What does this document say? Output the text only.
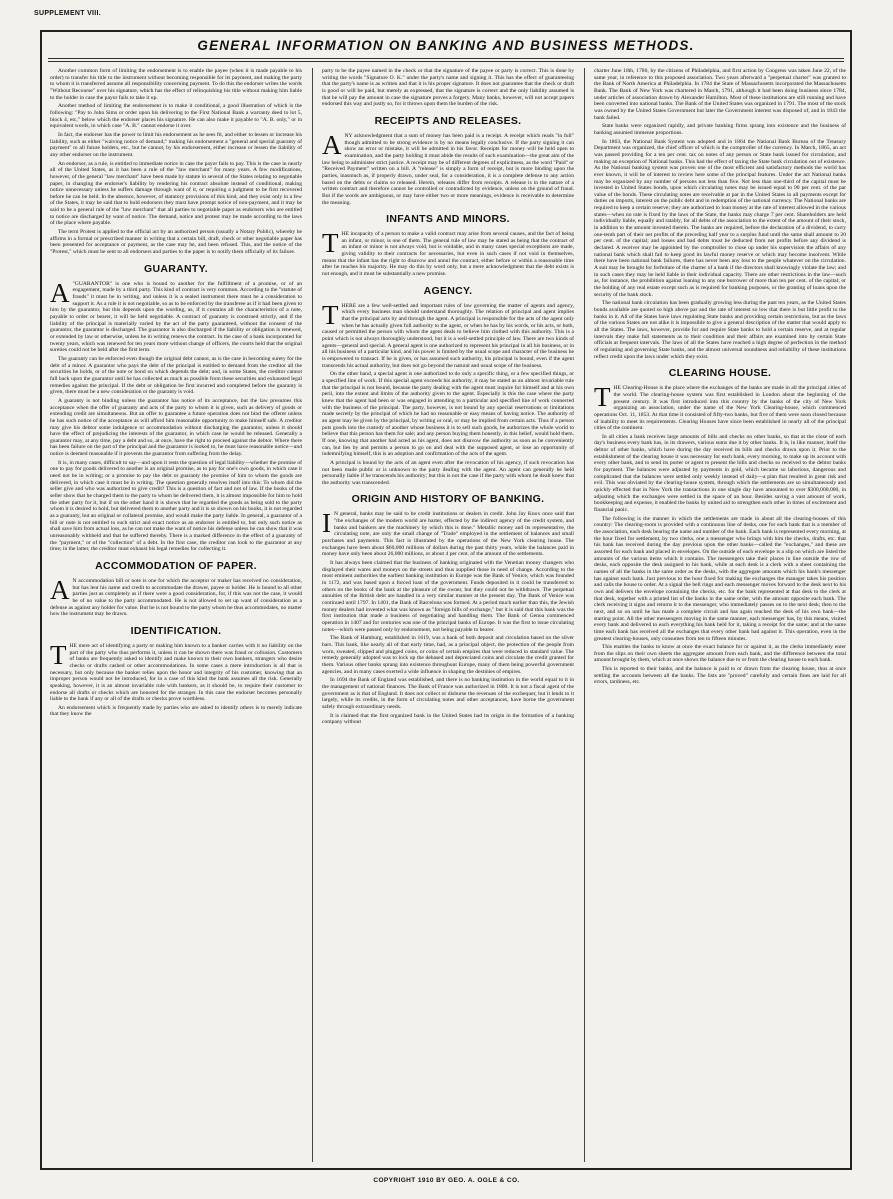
SUPPLEMENT VIII.
GENERAL INFORMATION ON BANKING AND BUSINESS METHODS.

Another common form of limiting the endorsement is to enable the payee (when it is made payable to his order) to transfer his title to the instrument without becoming responsible for its payment, and making the party to whom it is transferred assume all responsibility concerning payment. To do this the endorser writes the words "Without Recourse" over his signature, which has the effect of relinquishing his title without making him liable to the holder in case the payor fails to take it up.

Another method of limiting the endorsement is to make it conditional, a good illustration of which is the following: "Pay to John Sims or order upon his delivering to the First National Bank a warranty deed to lot 5, block 4, etc," below which the endorser places his signature. He can also make it payable to "A. B. only," or in equivalent words, in which case "A. B." cannot endorse it over.

In fact, the endorser has the power to limit his endorsement as he sees fit, and either to lessen or increase his liability, such as either "waiving notice of demand;" making his endorsement a "general and special guaranty of payment" to all future holders, etc., but he cannot, by his endorsement, either increase or lessen the liability of any other endorser on the instrument.

An endorser, as a rule, is entitled to immediate notice in case the payor fails to pay. This is the case in nearly all of the United States, as it has been a rule of the "law merchant" for many years. A few modifications, however, of the general "law merchant" have been made by statute in several of the States relating to negotiable paper, in changing the endorser's liability by rendering his contract absolute instead of conditional, making notice unnecessary unless he suffers damage through want of it, or requiring a judgment to be first recovered before he can be held. In the absence, however, of statutory provisions of this kind, and they exist only in a few of the States, it may be said that to hold endorsers they must have prompt notice of non-payment, and it may be said to be a general rule of the "law merchant" that all parties to negotiable paper as endorsers who are entitled to notice are discharged by want of notice. The demand, notice and protest may be made according to the laws of the place where payable.

The term Protest is applied to the official act by an authorized person (usually a Notary Public), whereby he affirms in a formal or prescribed manner in writing that a certain bill, draft, check or other negotiable paper has been presented for acceptance or payment, as the case may be, and been refused. This, and the notice of the "Protest," which must be sent to all endorsers and parties to the paper is to notify them officially of its failure.

GUARANTY.

A "GUARANTOR" is one who is bound to another for the fulfillment of a promise, or of an engagement, made by a third party. This kind of contract is very common. According to the "statute of frauds" it must be in writing, and unless it is a sealed instrument there must be a consideration to support it. As a rule it is not negotiable, so as to be enforced by the transferee as if it had been given to him by the guarantor, but this depends upon the wording, as, if it contains all the characteristics of a note, payable to order or bearer, it will be held negotiable. A contract of guaranty is construed strictly, and if the liability of the principal is materially varied by the act of the party guaranteed, without the consent of the guarantor, the guarantor is discharged. The guarantor is also discharged if the liability or obligation is renewed, or extended by law or otherwise, unless he in writing renews the contract. In the case of a bank incorporated for twenty years, which was renewed for ten years more without change of officers, the courts held that the original sureties could not be held after the first term.

The guaranty can be enforced even though the original debt cannot, as is the case in becoming surety for the debt of a minor. A guarantor who pays the debt of the principal is entitled to demand from the creditor all the securities he holds, or of the note or bond on which depends the debt; and, in some States, the creditor cannot fall back upon the guarantor until he has collected as much as possible from these securities and exhausted legal remedies against the principal. If the debt or obligation be first incurred and completed before the guaranty is given, there must be a new consideration or the guaranty is void.

A guaranty is not binding unless the guarantor has notice of its acceptance, but the law presumes this acceptance when the offer of guaranty and acts of the party to whom it is given, such as delivery of goods or extending credit are simultaneous. But an offer to guarantee a future operation does not bind the offerer unless he has such notice of the acceptance as will afford him reasonable opportunity to make himself safe. A creditor may give his debtor some indulgence or accommodation without discharging the guarantor, unless it should have the effect of prejudicing the interests of the guarantor, in which case he would be released. Generally a guarantor may, at any time, pay a debt and so, at once, have the right to proceed against the debtor. Where there has been failure on the part of the principal and the guarantor is looked to, he must have reasonable notice—and notice is deemed reasonable if it prevents the guarantor from suffering from the delay.

It is, in many cases, difficult to say—and upon it rests the question of legal liability—whether the promise of one to pay for goods delivered to another is an original promise, as to pay for one's own goods, in which case it need not be in writing; or a promise to pay the debt or guaranty the promise of him to whom the goods are delivered, in which case it must be in writing. The question generally resolves itself into this: To whom did the seller give and who was authorized to give credit? This is a question of fact and not of law. If the books of the seller show that he charged them to the party to whom he delivered them, it is almost impossible for him to hold the other party for it, but if on the other hand it is shown that he regarded the goods as being sold to the party whom it is desired to hold, but delivered them to another party and it is so shown on his books, it is not regarded as a guaranty, but an original or collateral promise, and would make the party liable. In general, a guarantor of a bill or note is not entitled to such strict and exact notice as an endorser is entitled to, but only such notice as shall save him from actual loss, as he can not make the want of notice his defense unless he can show that it was unreasonably withheld and that he suffered thereby. There is a marked difference in the effect of a guaranty of the "payment," or of the "collection" of a debt. In the first case, the creditor can look to the guarantor at any time; in the latter, the creditor must exhaust his legal remedies for collecting it.

ACCOMMODATION OF PAPER.

A N accommodation bill or note is one for which the acceptor or maker has received no consideration, but has lent his name and credit to accommodate the drawer, payee or holder. He is bound to all other parties just as completely as if there were a good consideration, for, if this was not the case, it would be of no value to the party accommodated. He is not allowed to set up want of consideration as a defense as against any holder for value. But he is not bound to the party whom he thus accommodates, no matter how the instrument may be drawn.

IDENTIFICATION.

THE mere act of identifying a party or making him known to a banker carries with it no liability on the part of the party who thus performs it, unless it can be shown there was fraud or collusion. Customers of banks are frequently asked to identify and make known to their own bankers, strangers who desire checks or drafts cashed or other accommodations. In some cases a mere introduction is all that is necessary, but only because the banker relies upon the honor and integrity of his customer, knowing that an improper person would not be introduced, for in a case of this kind the bank assumes all the risk. Generally speaking, however, it is an almost invariable rule with bankers, as it should be, to require their customer to endorse all drafts or checks which are honored for the stranger. In this case the endorser becomes personally liable to the bank if any or all of the drafts or checks prove worthless.

An endorsement which is frequently made by parties who are asked to identify others is to merely indicate that they know the

party to be the payee named in the check or that the signature of the payee or party is correct. This is done by writing the words "Signature O. K." under the party's name and signing it. This has the effect of guaranteeing that the party's name is as written and that it is his proper signature. It does not guarantee that the check or draft is good or will be paid, but merely as expressed, that the signature is correct and the only liability assumed is that he will pay the amount in case the signature proves a forgery. Many banks, however, will not accept papers endorsed this way and justly so, for it throws upon them the burden of the risk.

RECEIPTS AND RELEASES.

ANY acknowledgment that a sum of money has been paid is a receipt. A receipt which reads "in full" though admitted to be strong evidence is by no means legally conclusive. If the party signing it can show an error or mistake, it will be admitted in his favor. Receipts for money will be held open to examination, and the party holding it must abide the results of such examination—the great aim of the law being to administer strict justice. A receipt may be of different degrees of explicitness, as the word "Paid" or "Received Payment" written on a bill. A "release" is simply a form of receipt, but is more binding upon the parties, inasmuch as, if properly drawn, under seal, for a consideration, it is a complete defense to any action based on the debts or claims so released. Herein, releases differ from receipts. A release is in the nature of a written contract and therefore cannot be controlled or contradicted by evidence, unless on the ground of fraud. But if the words are ambiguous, or may have either two or more meanings, evidence is receivable to determine the meaning.

INFANTS AND MINORS.

THE incapacity of a person to make a valid contract may arise from several causes, and the fact of being an infant, or minor, is one of them. The general rule of law may be stated as being that the contract of an infant or minor is not always void, but is voidable, and in many cases special exceptions are made, giving validity to their contracts for necessaries, but even in such cases if not void in themselves, means that the infant has the right to disavow and annul the contract, either before or within a reasonable time after he reaches his majority. He may do this by word only, but a mere acknowledgment that the debt exists is not enough, and it must be substantially a new promise.

AGENCY.

THERE are a few well-settled and important rules of law governing the matter of agents and agency, which every business man should understand thoroughly. The relation of principal and agent implies that the principal acts by and through the agent. A principal is responsible for the acts of the agent only when he has actually given full authority to the agent, or when he has by his words, or his acts, or both, caused or permitted the person with whom the agent deals to believe him clothed with this authority. This is a point which is not always thoroughly understood, but it is a well-settled principle of law. There are two kinds of agents—general and special. A general agent is one authorized to represent his principal in all his business, or in all his business of a particular kind, and his power is limited by the usual scope and character of the business he is empowered to transact. If he is given, or has assumed such authority, his principal is bound, even if the agent transcends his actual authority, but does not go beyond the natural and usual scope of the business.

On the other hand, a special agent is one authorized to do only a specific thing, or a few specified things, or a specified line of work. If this special agent exceeds his authority, it may be stated as an almost invariable rule that the principal is not bound, because the party dealing with the agent must inquire for himself and at his own peril, into the extent and limits of the authority given to the agent. Especially is this the case where the party knew that the agent had been or was engaged in attending to a particular and specified line of work connected with the business of the principal. The party, however, is not bound by any special reservations or limitations made secretly by the principal of which he had no reasonable or easy means of having notice. The authority of an agent may be given by the principal, by writing or oral, or may be implied from certain acts. Thus if a person puts goods into the custody of another whose business it is to sell such goods, he authorizes the whole world to believe that this person has them for sale; and any person buying them honestly, in this belief, would hold them. If one, knowing that another had acted as his agent, does not disavow the authority as soon as he conveniently can, but lies by and permits a person to go on and deal with the supposed agent, or lose an opportunity of indemnifying himself, this is an adoption and confirmation of the acts of the agent.

A principal is bound by the acts of an agent even after the revocation of his agency, if such revocation has not been made public or is unknown to the party dealing with the agent. An agent can generally be held personally liable if he transcends his authority; but this is not the case if the party with whom he dealt knew that the authority was transcended.

ORIGIN AND HISTORY OF BANKING.

I N general, banks may be said to be credit institutions or dealers in credit. John Jay Knox once said that "the exchanges of the modern world are barter, effected by the indirect agency of the credit system, and banks and bankers are the machinery by which this is done." Metallic money and its representative, the circulating note, are only the small change of "Trade" employed in the settlement of balances and small purchases and payments. This fact is illustrated by the operations of the New York clearing house. The exchanges have been about $60,000 millions of dollars during the past thirty years, while the balances paid in money have only been about 26,000 millions, or about 4 per cent. of the amount of the settlements.

It has always been claimed that the business of banking originated with the Venetian money changers who displayed their wares and moneys on the streets and thus supplied those in need of change. According to the most eminent authorities the earliest banking institution in Europe was the Bank of Venice, which was founded in 1172, and was based upon a forced loan of the government. Funds deposited in it could be transferred to others on the books of the bank at the pleasure of the owner, but they could not be withdrawn. The perpetual annuities of the British debt are handled in a very similar manner at the present day. The Bank of Venice was continued until 1797. In 1401, the Bank of Barcelona was formed. At a period much earlier than this, the Jewish money dealers had invented what was known as "foreign bills of exchange," but it is said that this bank was the first institution that made a business of negotiating and handling them. The Bank of Genoa commenced operation in 1407 and for centuries was one of the principal banks of Europe. It was the first to issue circulating notes—which were passed only by endorsement, not being payable to bearer.

The Bank of Hamburg, established in 1619, was a bank of both deposit and circulation based on the silver bars. This bank, like nearly all of that early time, had, as a principal object, the protection of the people from worn, sweated, clipped and plugged coins, or coins of certain empires that were reduced in standard value. The remedy generally adopted was to lock up the debased and depreciated coins and circulate the credit granted for them. Various other banks sprang into existence throughout Europe, many of them being powerful government agencies, and in many cases exerted a wide influence in shaping the destinies of empires.

In 1694 the Bank of England was established, and there is no banking institution in the world equal to it in the management of national finances. The Bank of France was authorized in 1800. It is not a fiscal agent of the government as is that of England. It does not collect or disburse the revenues of the exchequer, but it lends to it largely, while its credits, in the form of circulating notes and other acceptances, have borne the government safely through extraordinary needs.

It is claimed that the first organized bank in the United States had its origin in the formation of a banking company without

charter June 18th, 1780, by the citizens of Philadelphia, and first action by Congress was taken June 22, of the same year, in reference to this proposed association. Two years afterward a "perpetual charter" was granted to the Bank of North America at Philadelphia. In 1784 the State of Massachusetts incorporated the Massachusetts Bank. The Bank of New York was chartered in March, 1791, although it had been doing business since 1784, under articles of association drawn by Alexander Hamilton. Most of these institutions are still running and have been converted into national banks. The Bank of the United States was organized in 1791. The most of the stock was owned by the United States Government but later the Government interest was disposed of, and in 1843 the bank failed.

State banks were organized rapidly, and private banking firms sprang into existence and the business of banking assumed immense proportions.

In 1863, the National Bank System was adopted and in 1864 the National Bank Bureau of the Treasury Department was organized, the chief officer of which is the comptroller of the currency. In March, 1865, an act was passed providing for a ten per cent. tax on notes of any person or State bank issued for circulation, and making an exception of National banks. This had the effect of taxing the State bank circulation out of existence. As the National banking system was proven one of the most efficient and satisfactory methods the world has ever known, it will be of interest to review here some of the principal features. Under the act National banks may be organized by any number of persons not less than five. Not less than one-third of the capital must be invested in United States bonds, upon which circulating notes may be issued equal to 90 per cent. of the par value of the bonds. These circulating notes are receivable at par in the United States in all payments except for duties on imports, interest on the public debt and in redemption of the national currency. The National banks are required to keep a certain reserve; they are authorized to loan money at the rate of interest allowed in the various states—when no rate is fixed by the laws of the State, the banks may charge 7 per cent. Shareholders are held individually liable, equally and ratably, for all debts of the association to the extent of the amount of their stock, in addition to the amount invested therein. The banks are required, before the declaration of a dividend, to carry one-tenth part of their net profits of the preceding half year to a surplus fund until the same shall amount to 20 per cent. of the capital; and losses and bad debts must be deducted from net profits before any dividend is declared. A receiver may be appointed by the comptroller to close up under his supervision the affairs of any national bank which shall fail to keep good its lawful money reserve or which may become insolvent. While there have been national bank failures, there has never been any loss to the people whatever on the circulation. A suit may be brought for forfeiture of the charter of a bank if the directors shall knowingly violate the law; and in such cases they may be held liable in their individual capacity. There are other restrictions in the law—such as, for instance, the prohibition against loaning to any one borrower of more than ten per cent. of the capital; or the holding of any real estate except such as is required for banking purposes, or the granting of loans upon the security of the bank stock.

The national bank circulation has been gradually growing less during the past ten years, as the United States bonds available are quoted so high above par and the rate of interest so low that there is but little profit to the banks in it. All of the States have laws regulating State banks and providing certain restrictions, but as the laws of the various States are not alike it is impossible to give a general description of the matter that would apply to all the States. The laws, however, provide for and require State banks to hold a certain reserve, and at regular intervals they make full statements as to their condition and their affairs are examined into by certain State officials at frequent intervals. The laws of all the States have reached a high degree of perfection in the method of regulating and governing State banks, and the almost universal soundness and reliability of these institutions reflect credit upon the laws under which they exist.

CLEARING HOUSE.

THE Clearing-House is the place where the exchanges of the banks are made in all the principal cities of the world. The clearing-house system was first established in London about the beginning of the present century. It was first introduced into this country by the banks of the city of New York organizing an association, under the name of the New York Clearing-house, which commenced operations Oct. 11, 1853. At that time it consisted of fifty-two banks, but five of them were soon closed because of inability to meet its requirements. Clearing Houses have since been established in nearly all of the principal cities of the continent.

In all cities a bank receives large amounts of bills and checks on other banks, so that at the close of each day's business every bank has, in its drawers, various sums due it by other banks. It is, in like manner, itself the debtor of other banks, which have during the day received its bills and checks drawn upon it. Prior to the establishment of the clearing house it was necessary for each bank, every morning, to make up its account with every other bank, and to send its porter or agent to present the bills and checks so received to the debtor banks for payment. The balances were adjusted by payments in gold, which became so laborious, dangerous and complicated that the balances were settled only weekly instead of daily—a plan that resulted in great risk and evil. This was obviated by the clearing-house system, through which the settlements are so simultaneously and quickly effected that in New York the transactions in one single day have amounted to over $300,000,000, in adjusting which the exchanges were settled in the space of an hour. Besides saving a vast amount of work, bookkeeping and expense, it enabled the banks by united aid to strengthen each other in times of excitement and financial panic.

The following is the manner in which the settlements are made in about all the clearing-houses of this country: The clearing-room is provided with a continuous line of desks, one for each bank that is a member of the association, each desk bearing the name and number of the bank. Each bank is represented every morning, at the hour fixed for settlement, by two clerks, one a messenger who brings with him the checks, drafts, etc. that his bank has received during the day previous upon the other banks—called the "exchanges," and these are assorted for each bank and placed in envelopes. On the outside of each envelope is a slip on which are listed the amounts of the various items which it contains. The messengers take their places in line outside the row of desks, each opposite the desk assigned to his bank, while at each desk is a clerk with a sheet containing the names of all the banks in the same order as the desks, with the aggregate amounts which his bank's messenger has against each bank. Just previous to the hour fixed for making the exchanges the manager takes his position and calls the house to order. At a signal the bell rings and each messenger moves forward to the desk next to his own and delivers the envelope containing the checks, etc. for the bank represented at that desk to the clerk at that desk, together with a printed list of the banks in the same order, with the amount opposite each bank. The clerk receiving it signs and returns it to the messenger, who immediately passes on to the next desk; then to the next, and so on until he has made a complete circuit and has again reached the desk of his own bank—the starting point. All the other messengers moving in the same manner, each messenger has, by this means, visited every bank and delivered to each everything his bank held for it, taking a receipt for the same; and at the same time each bank has received all the exchanges that every other bank had against it. This operation, even in the greatest clearing-houses, only consumes from ten to fifteen minutes.

This enables the banks to know at once the exact balance for or against it, as the clerks immediately enter from the slips on their own sheets the aggregate amount from each bank, and the difference between the total amount brought by them, which at once shows the balance due to or from the clearing house to each bank.

This is reported to their banks, and the balance is paid to or drawn from the clearing house, thus at once settling the accounts between all the banks. The lists are "proved" carefully and certain fines are laid for all errors, tardiness, etc.

COPYRIGHT 1910 BY GEO. A. OGLE & CO.
